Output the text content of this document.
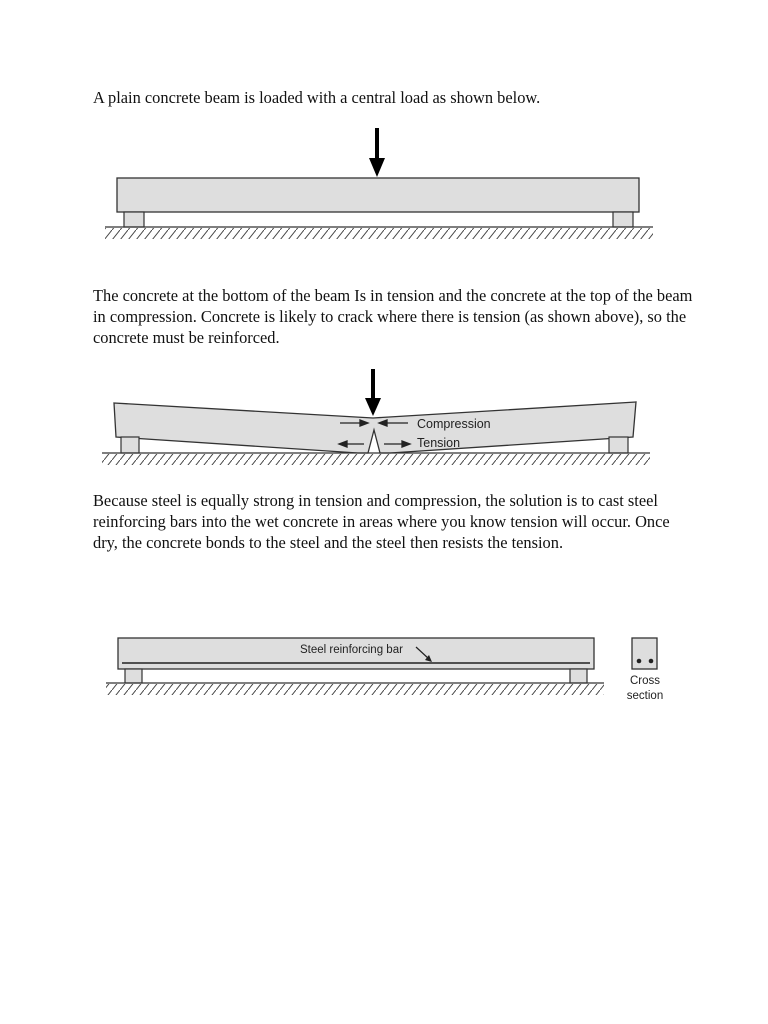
A plain concrete beam is loaded with a central load as shown below.

The concrete at the bottom of the beam Is in tension and the concrete at the top of the beam in compression. Concrete is likely to crack where there is tension (as shown above), so the concrete must be reinforced.

Compression
Tension

Because steel is equally strong in tension and compression, the solution is to cast steel reinforcing bars into the wet concrete in areas where you know tension will occur. Once dry, the concrete bonds to the steel and the steel then resists the tension.

Steel reinforcing bar
Cross
section
